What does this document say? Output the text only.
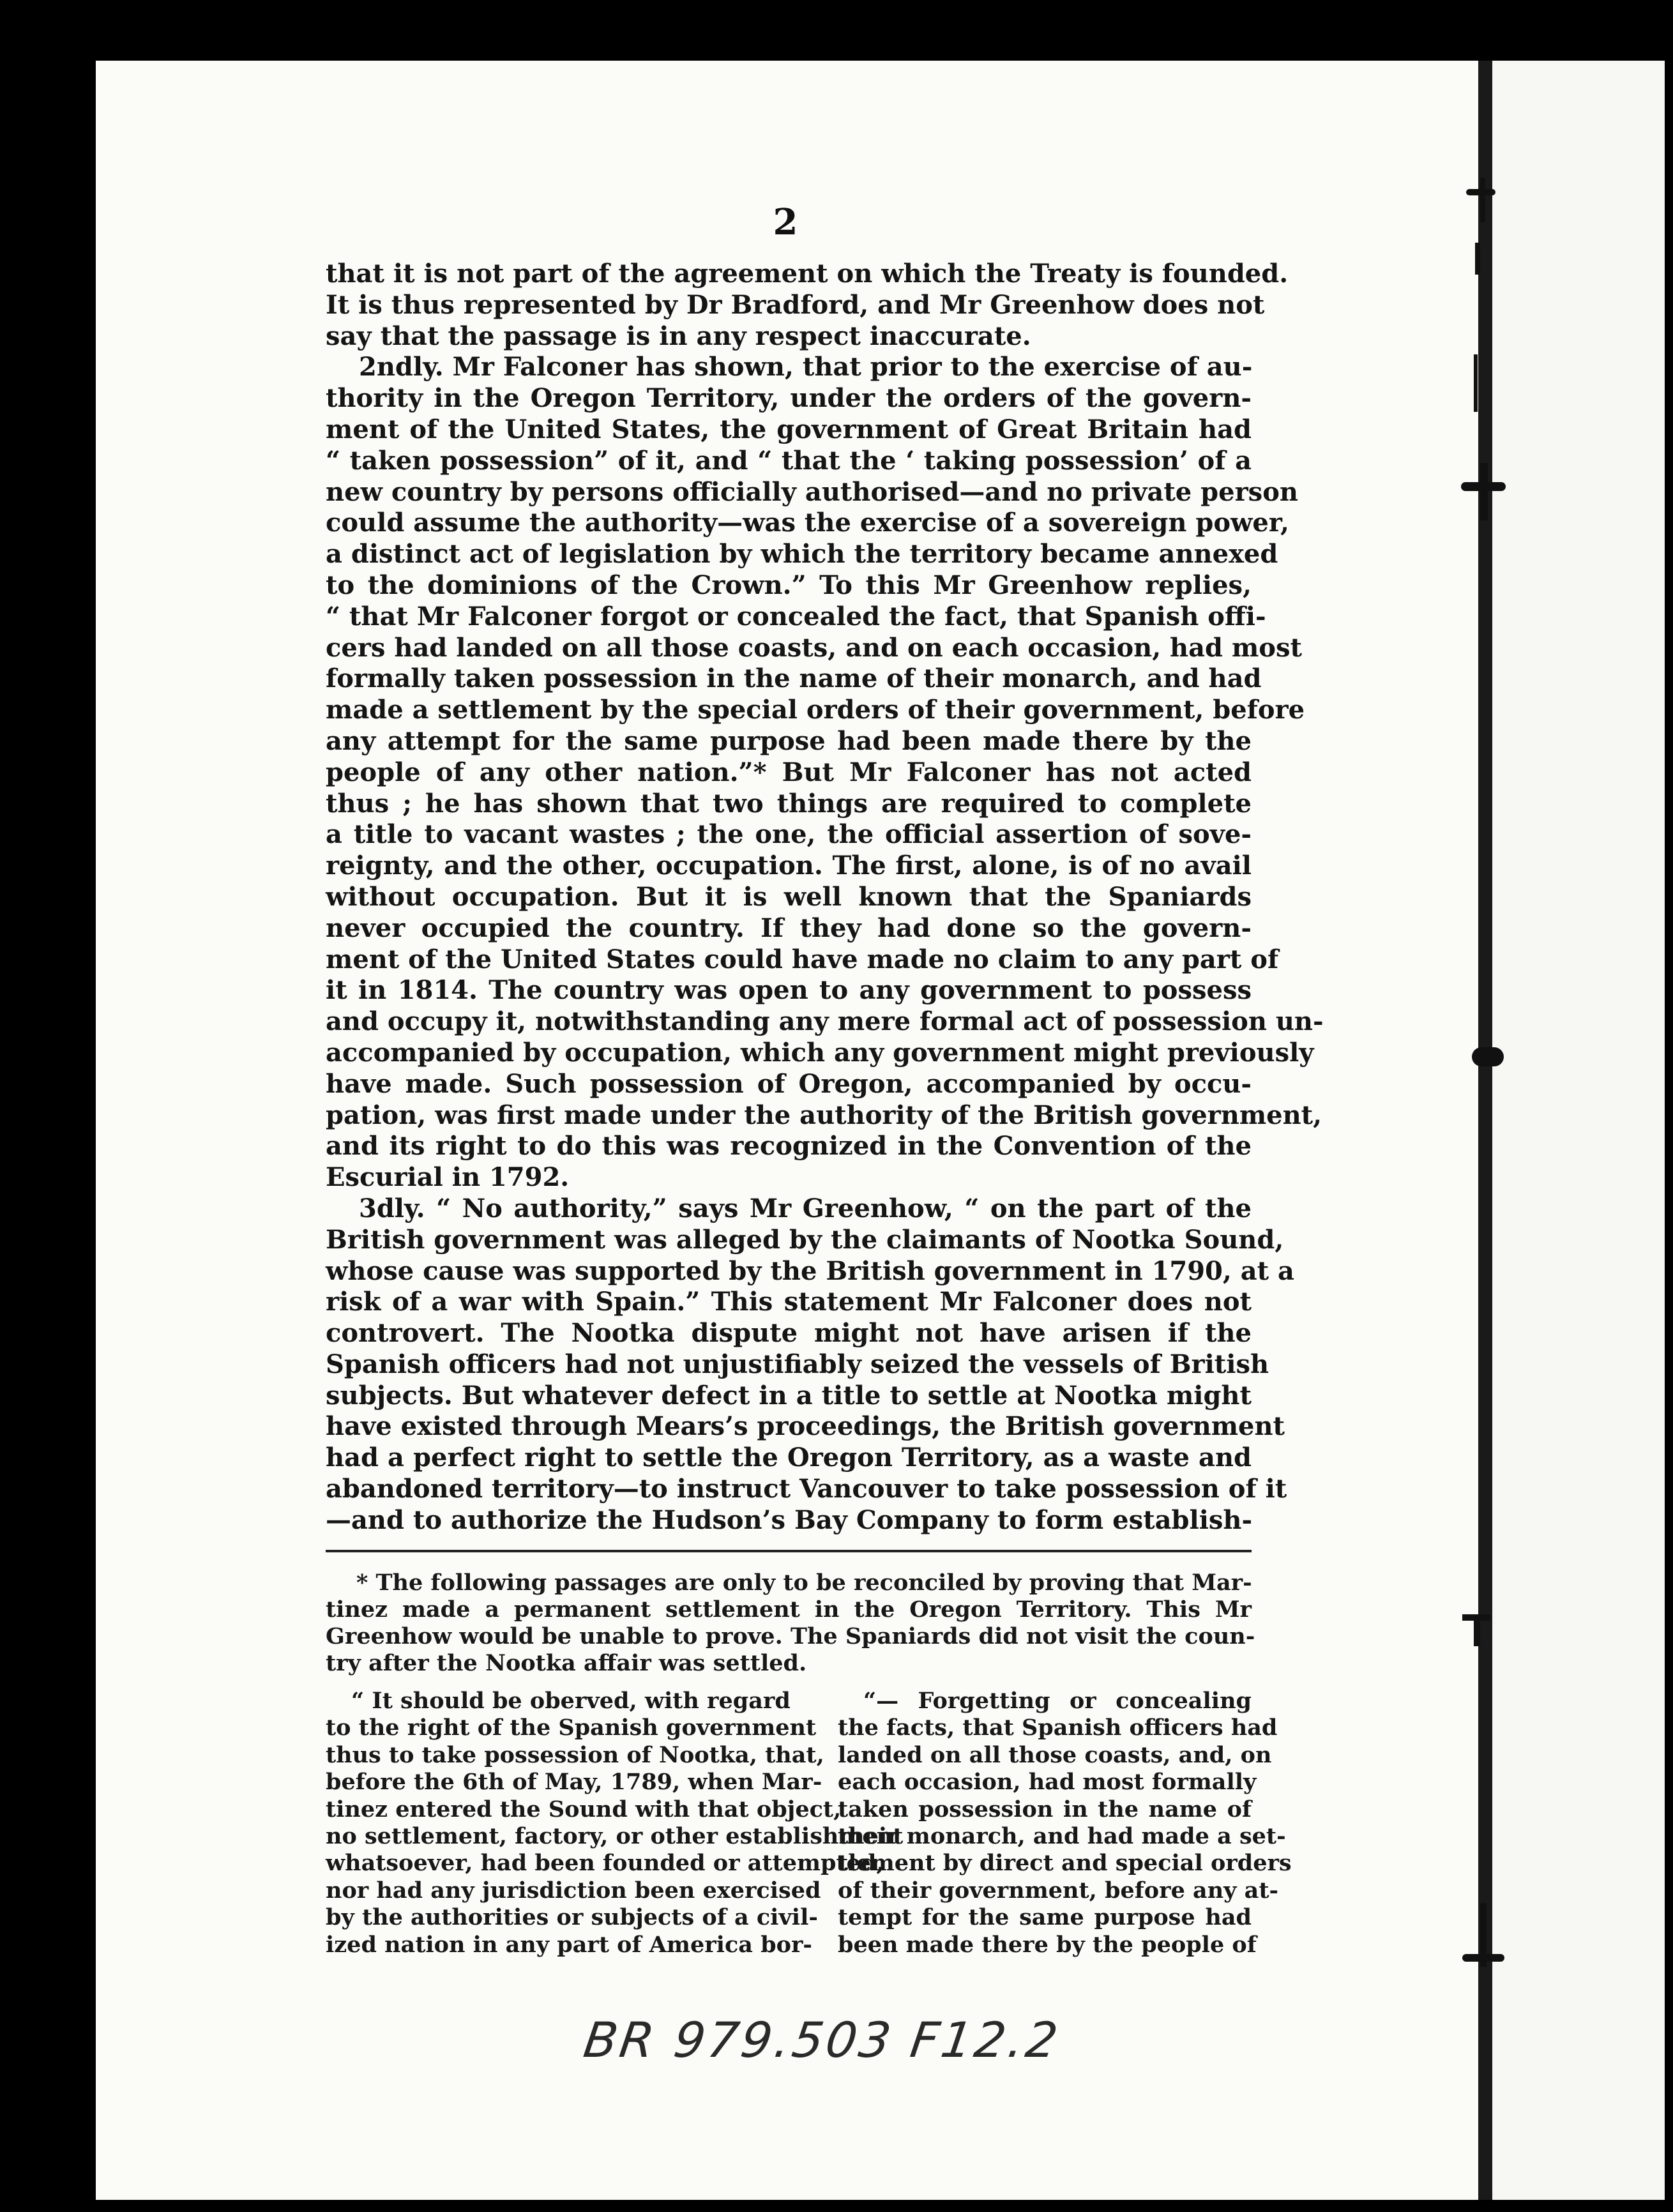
2

that it is not part of the agreement on which the Treaty is founded.
It is thus represented by Dr Bradford, and Mr Greenhow does not
say that the passage is in any respect inaccurate.

2ndly. Mr Falconer has shown, that prior to the exercise of au-
thority in the Oregon Territory, under the orders of the govern-
ment of the United States, the government of Great Britain had
“ taken possession” of it, and “ that the ‘ taking possession’ of a
new country by persons officially authorised—and no private person
could assume the authority—was the exercise of a sovereign power,
a distinct act of legislation by which the territory became annexed
to the dominions of the Crown.” To this Mr Greenhow replies,
“ that Mr Falconer forgot or concealed the fact, that Spanish offi-
cers had landed on all those coasts, and on each occasion, had most
formally taken possession in the name of their monarch, and had
made a settlement by the special orders of their government, before
any attempt for the same purpose had been made there by the
people of any other nation.”* But Mr Falconer has not acted
thus ; he has shown that two things are required to complete
a title to vacant wastes ; the one, the official assertion of sove-
reignty, and the other, occupation. The first, alone, is of no avail
without occupation. But it is well known that the Spaniards
never occupied the country. If they had done so the govern-
ment of the United States could have made no claim to any part of
it in 1814. The country was open to any government to possess
and occupy it, notwithstanding any mere formal act of possession un-
accompanied by occupation, which any government might previously
have made. Such possession of Oregon, accompanied by occu-
pation, was first made under the authority of the British government,
and its right to do this was recognized in the Convention of the
Escurial in 1792.

3dly. “ No authority,” says Mr Greenhow, “ on the part of the
British government was alleged by the claimants of Nootka Sound,
whose cause was supported by the British government in 1790, at a
risk of a war with Spain.” This statement Mr Falconer does not
controvert. The Nootka dispute might not have arisen if the
Spanish officers had not unjustifiably seized the vessels of British
subjects. But whatever defect in a title to settle at Nootka might
have existed through Mears’s proceedings, the British government
had a perfect right to settle the Oregon Territory, as a waste and
abandoned territory—to instruct Vancouver to take possession of it
—and to authorize the Hudson’s Bay Company to form establish-

* The following passages are only to be reconciled by proving that Mar-
tinez made a permanent settlement in the Oregon Territory. This Mr
Greenhow would be unable to prove. The Spaniards did not visit the coun-
try after the Nootka affair was settled.
“ It should be oberved, with regard
to the right of the Spanish government
thus to take possession of Nootka, that,
before the 6th of May, 1789, when Mar-
tinez entered the Sound with that object,
no settlement, factory, or other establishment
whatsoever, had been founded or attempted,
nor had any jurisdiction been exercised
by the authorities or subjects of a civil-
ized nation in any part of America bor-
“— Forgetting or concealing
the facts, that Spanish officers had
landed on all those coasts, and, on
each occasion, had most formally
taken possession in the name of
their monarch, and had made a set-
tlement by direct and special orders
of their government, before any at-
tempt for the same purpose had
been made there by the people of
BR 979.503 F12.2
